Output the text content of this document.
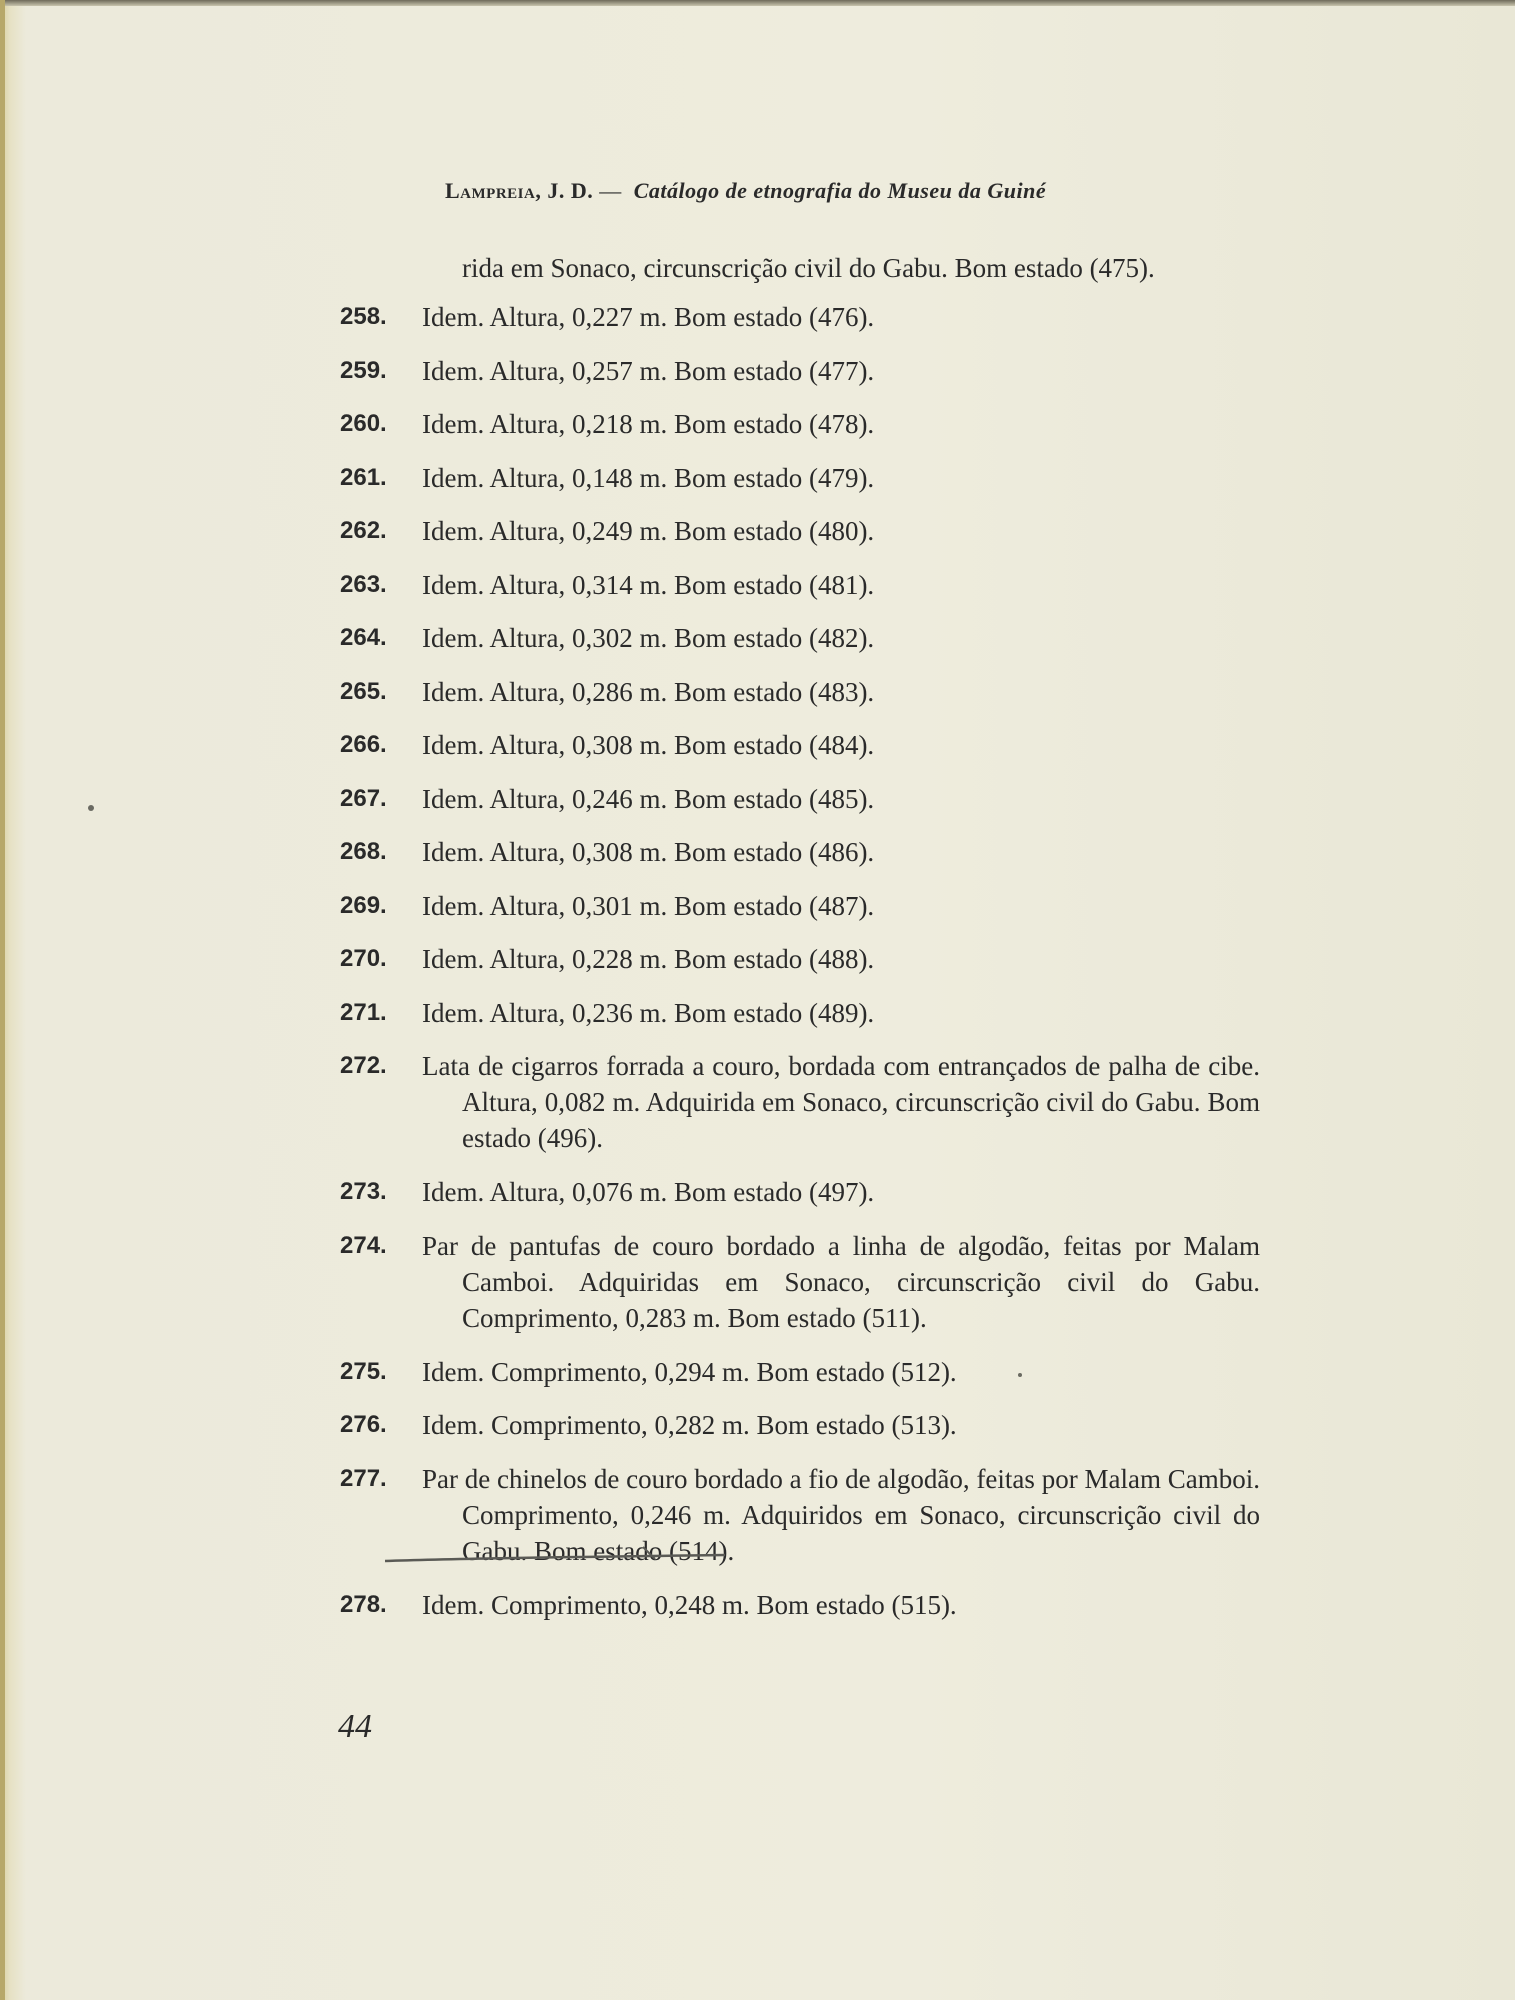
Lampreia, J. D. — Catálogo de etnografia do Museu da Guiné
rida em Sonaco, circunscrição civil do Gabu. Bom estado (475).
258.	Idem. Altura, 0,227 m. Bom estado (476).
259.	Idem. Altura, 0,257 m. Bom estado (477).
260.	Idem. Altura, 0,218 m. Bom estado (478).
261.	Idem. Altura, 0,148 m. Bom estado (479).
262.	Idem. Altura, 0,249 m. Bom estado (480).
263.	Idem. Altura, 0,314 m. Bom estado (481).
264.	Idem. Altura, 0,302 m. Bom estado (482).
265.	Idem. Altura, 0,286 m. Bom estado (483).
266.	Idem. Altura, 0,308 m. Bom estado (484).
267.	Idem. Altura, 0,246 m. Bom estado (485).
268.	Idem. Altura, 0,308 m. Bom estado (486).
269.	Idem. Altura, 0,301 m. Bom estado (487).
270.	Idem. Altura, 0,228 m. Bom estado (488).
271.	Idem. Altura, 0,236 m. Bom estado (489).
272.	Lata de cigarros forrada a couro, bordada com entrançados de palha de cibe. Altura, 0,082 m. Adquirida em Sonaco, circunscrição civil do Gabu. Bom estado (496).
273.	Idem. Altura, 0,076 m. Bom estado (497).
274.	Par de pantufas de couro bordado a linha de algodão, feitas por Malam Camboi. Adquiridas em Sonaco, circunscrição civil do Gabu. Comprimento, 0,283 m. Bom estado (511).
275.	Idem. Comprimento, 0,294 m. Bom estado (512).
276.	Idem. Comprimento, 0,282 m. Bom estado (513).
277.	Par de chinelos de couro bordado a fio de algodão, feitas por Malam Camboi. Comprimento, 0,246 m. Adquiridos em Sonaco, circunscrição civil do Gabu. Bom estado (514).
278.	Idem. Comprimento, 0,248 m. Bom estado (515).
44
